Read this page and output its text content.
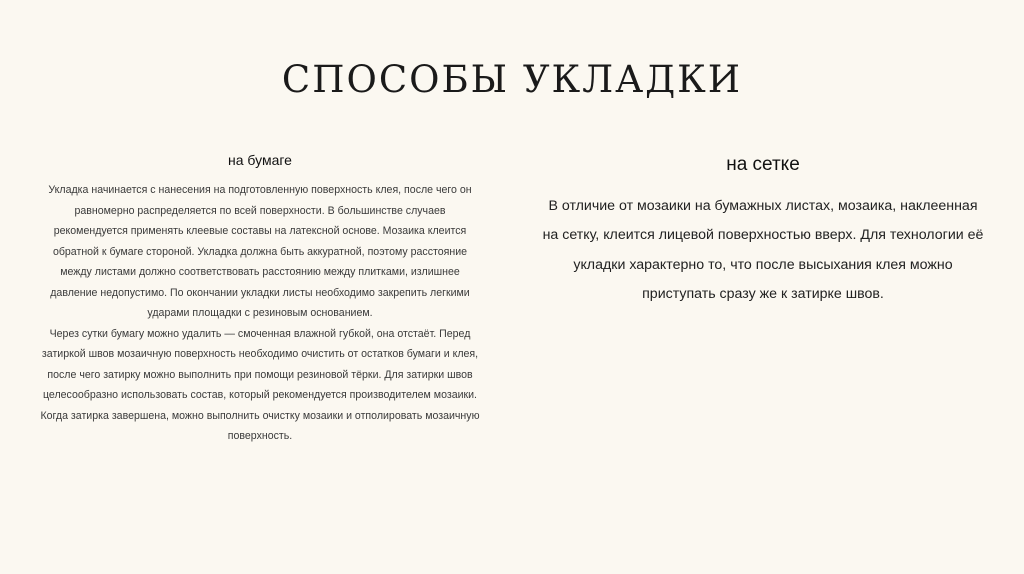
СПОСОБЫ УКЛАДКИ
на бумаге

Укладка начинается с нанесения на подготовленную поверхность клея, после чего он равномерно распределяется по всей поверхности. В большинстве случаев рекомендуется применять клеевые составы на латексной основе. Мозаика клеится обратной к бумаге стороной. Укладка должна быть аккуратной, поэтому расстояние между листами должно соответствовать расстоянию между плитками, излишнее давление недопустимо. По окончании укладки листы необходимо закрепить легкими ударами площадки с резиновым основанием.

Через сутки бумагу можно удалить — смоченная влажной губкой, она отстаёт. Перед затиркой швов мозаичную поверхность необходимо очистить от остатков бумаги и клея, после чего затирку можно выполнить при помощи резиновой тёрки. Для затирки швов целесообразно использовать состав, который рекомендуется производителем мозаики. Когда затирка завершена, можно выполнить очистку мозаики и отполировать мозаичную поверхность.

на сетке

В отличие от мозаики на бумажных листах, мозаика, наклеенная на сетку, клеится лицевой поверхностью вверх. Для технологии её укладки характерно то, что после высыхания клея можно приступать сразу же к затирке швов.
